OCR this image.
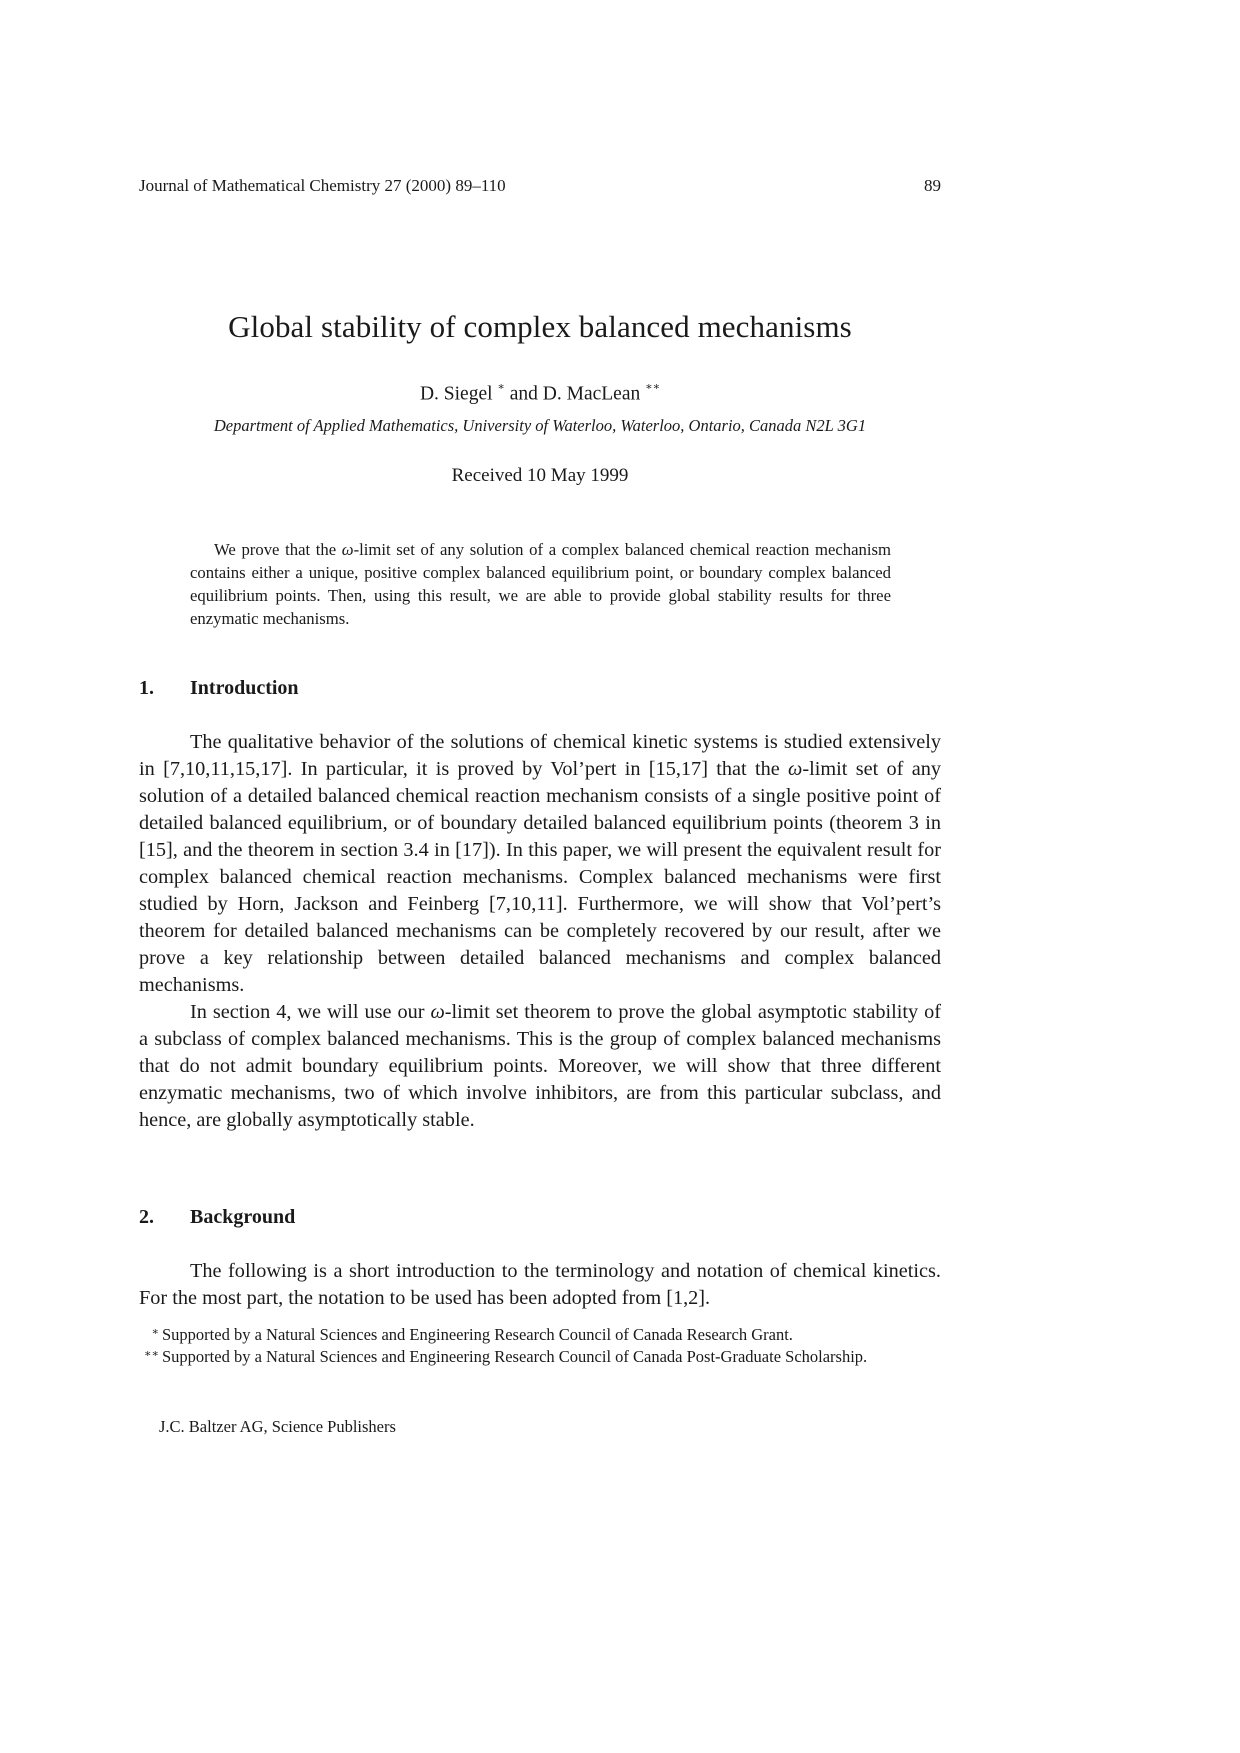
Journal of Mathematical Chemistry 27 (2000) 89–110	89
Global stability of complex balanced mechanisms
D. Siegel ∗ and D. MacLean ∗∗
Department of Applied Mathematics, University of Waterloo, Waterloo, Ontario, Canada N2L 3G1
Received 10 May 1999
We prove that the ω-limit set of any solution of a complex balanced chemical reaction mechanism contains either a unique, positive complex balanced equilibrium point, or boundary complex balanced equilibrium points. Then, using this result, we are able to provide global stability results for three enzymatic mechanisms.
1. Introduction

The qualitative behavior of the solutions of chemical kinetic systems is studied extensively in [7,10,11,15,17]. In particular, it is proved by Vol’pert in [15,17] that the ω-limit set of any solution of a detailed balanced chemical reaction mechanism consists of a single positive point of detailed balanced equilibrium, or of boundary detailed balanced equilibrium points (theorem 3 in [15], and the theorem in section 3.4 in [17]). In this paper, we will present the equivalent result for complex balanced chemical reaction mechanisms. Complex balanced mechanisms were first studied by Horn, Jackson and Feinberg [7,10,11]. Furthermore, we will show that Vol’pert’s theorem for detailed balanced mechanisms can be completely recovered by our result, after we prove a key relationship between detailed balanced mechanisms and complex balanced mechanisms.

In section 4, we will use our ω-limit set theorem to prove the global asymptotic stability of a subclass of complex balanced mechanisms. This is the group of complex balanced mechanisms that do not admit boundary equilibrium points. Moreover, we will show that three different enzymatic mechanisms, two of which involve inhibitors, are from this particular subclass, and hence, are globally asymptotically stable.

2. Background

The following is a short introduction to the terminology and notation of chemical kinetics. For the most part, the notation to be used has been adopted from [1,2].

∗ Supported by a Natural Sciences and Engineering Research Council of Canada Research Grant.
∗∗ Supported by a Natural Sciences and Engineering Research Council of Canada Post-Graduate Scholarship.
J.C. Baltzer AG, Science Publishers
